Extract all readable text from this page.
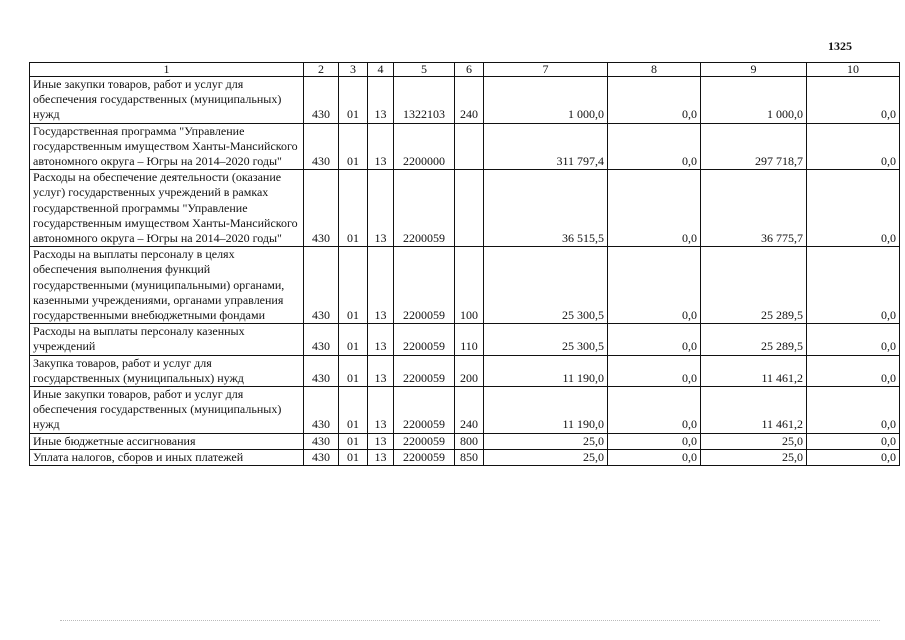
1325
1	2	3	4	5	6	7	8	9	10
Иные закупки товаров, работ и услуг для обеспечения государственных (муниципальных) нужд	430	01	13	1322103	240	1 000,0	0,0	1 000,0	0,0
Государственная программа "Управление государственным имуществом Ханты-Мансийского автономного округа – Югры на 2014–2020 годы"	430	01	13	2200000		311 797,4	0,0	297 718,7	0,0
Расходы на обеспечение деятельности (оказание услуг) государственных учреждений в рамках государственной программы "Управление государственным имуществом Ханты-Мансийского автономного округа – Югры на 2014–2020 годы"	430	01	13	2200059		36 515,5	0,0	36 775,7	0,0
Расходы на выплаты персоналу в целях обеспечения выполнения функций государственными (муниципальными) органами, казенными учреждениями, органами управления государственными внебюджетными фондами	430	01	13	2200059	100	25 300,5	0,0	25 289,5	0,0
Расходы на выплаты персоналу казенных учреждений	430	01	13	2200059	110	25 300,5	0,0	25 289,5	0,0
Закупка товаров, работ и услуг для государственных (муниципальных) нужд	430	01	13	2200059	200	11 190,0	0,0	11 461,2	0,0
Иные закупки товаров, работ и услуг для обеспечения государственных (муниципальных) нужд	430	01	13	2200059	240	11 190,0	0,0	11 461,2	0,0
Иные бюджетные ассигнования	430	01	13	2200059	800	25,0	0,0	25,0	0,0
Уплата налогов, сборов и иных платежей	430	01	13	2200059	850	25,0	0,0	25,0	0,0
